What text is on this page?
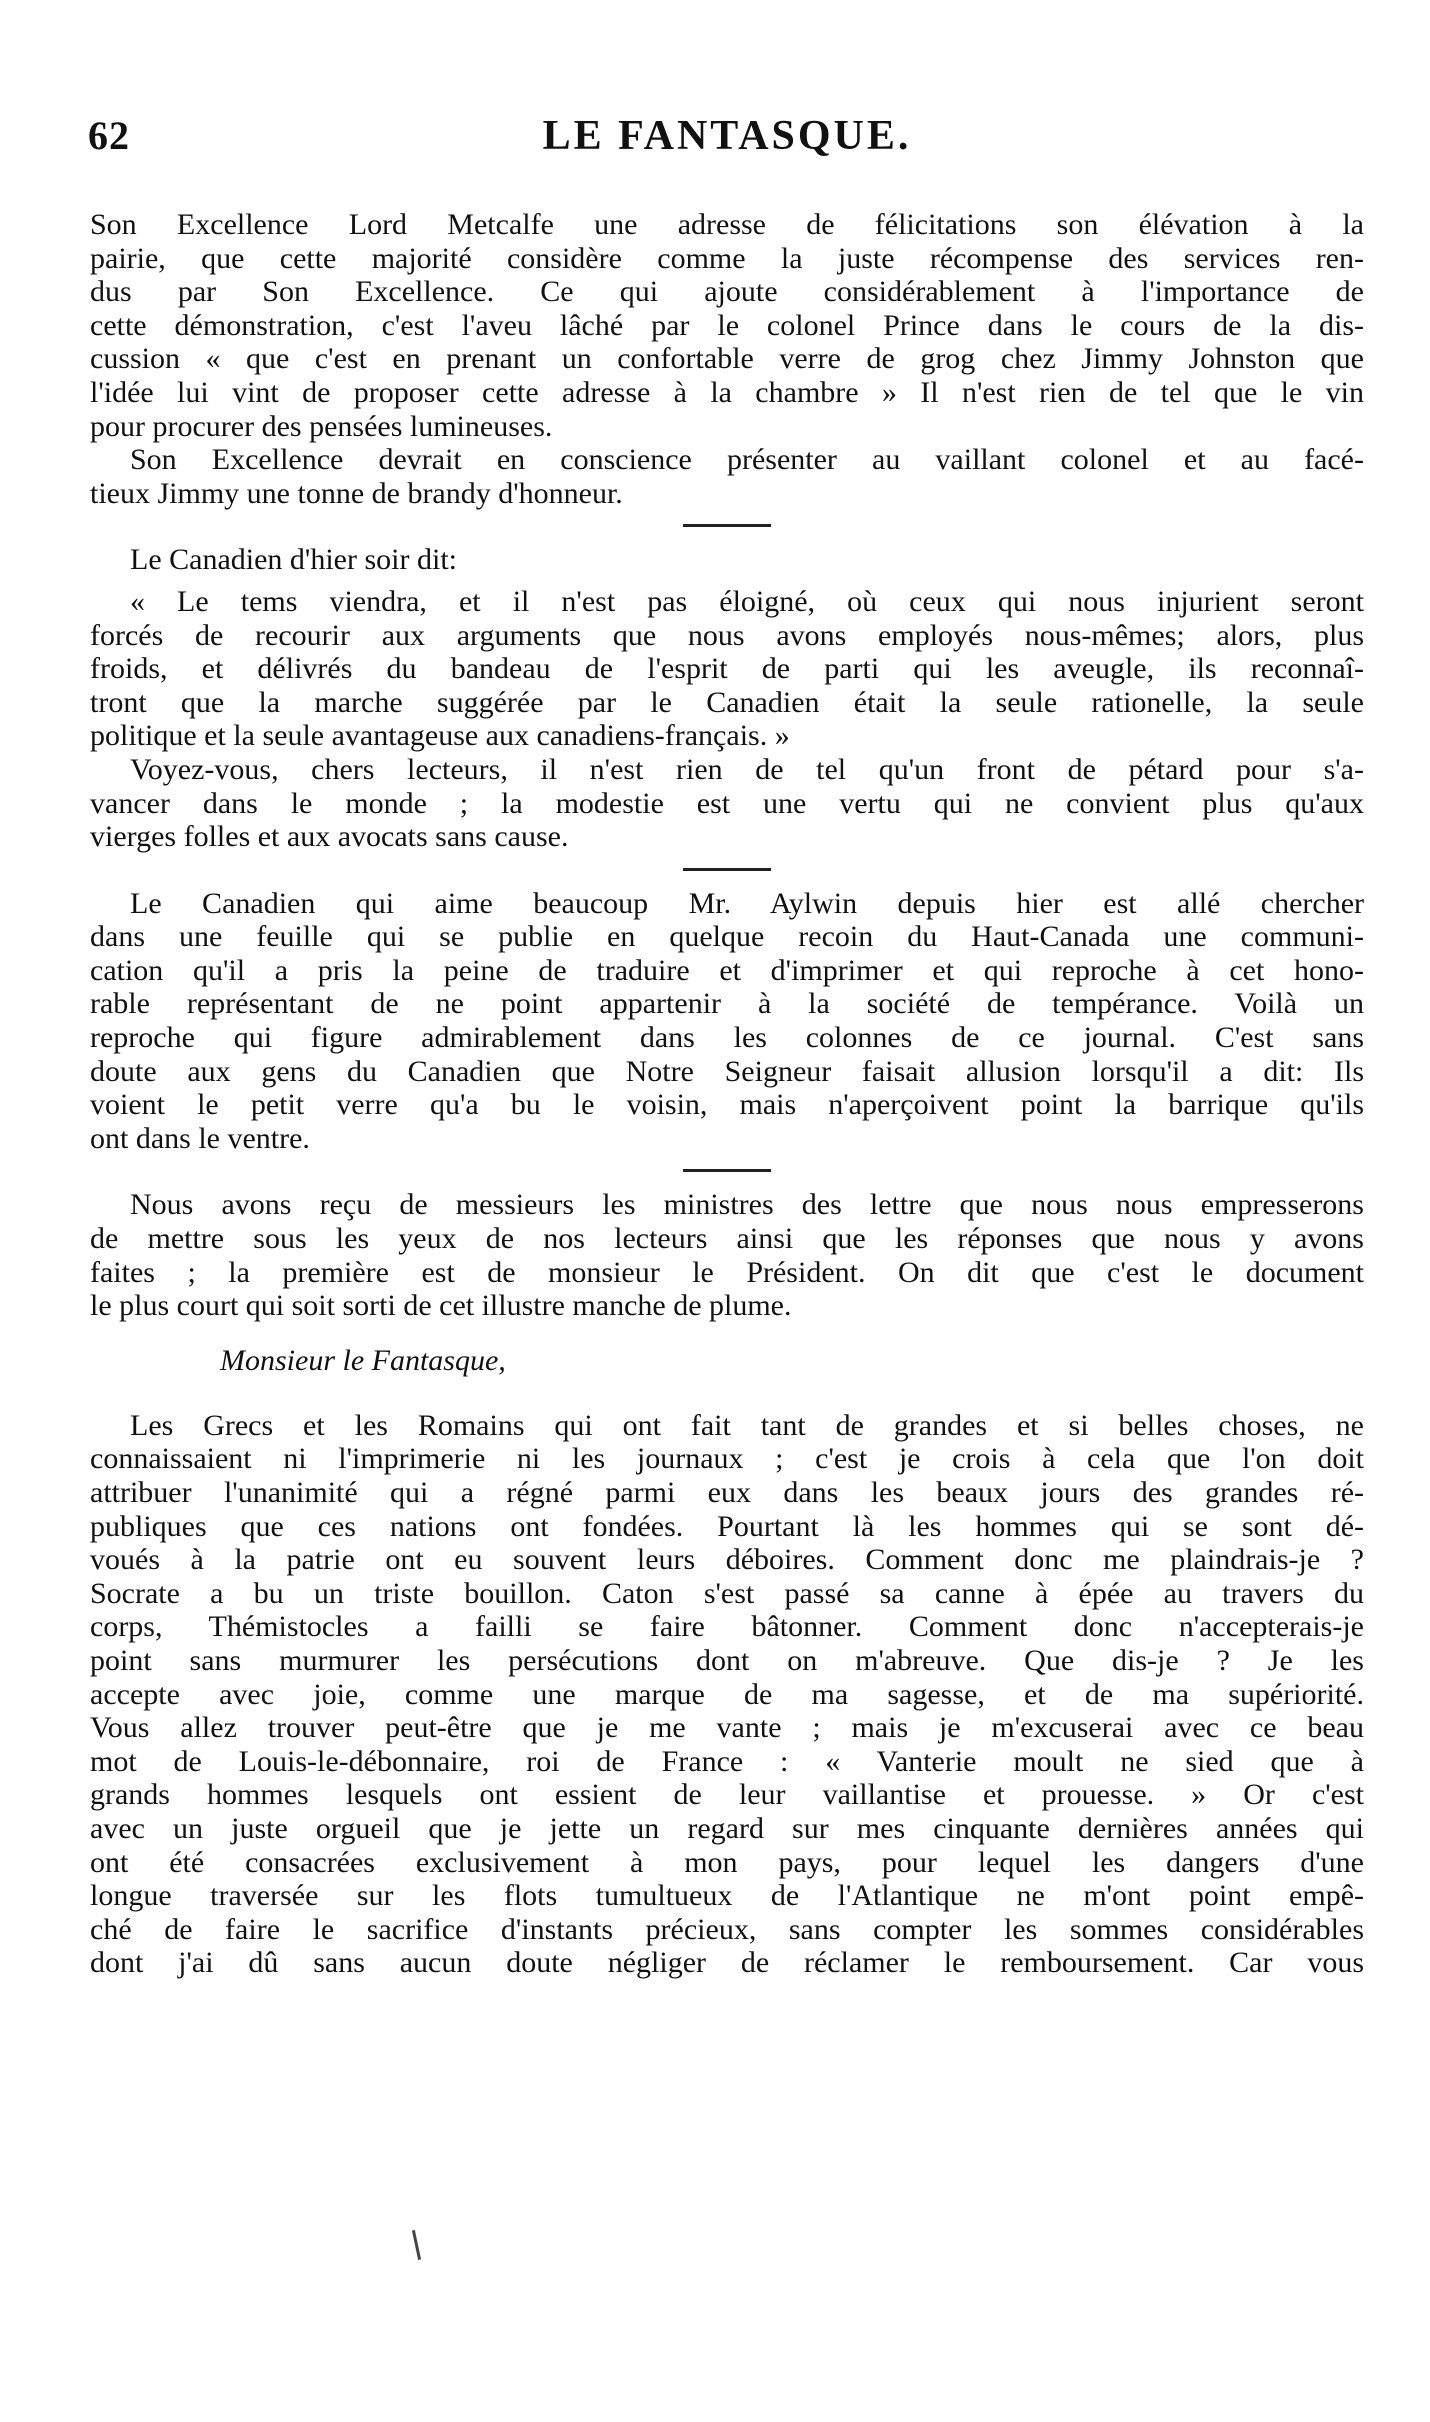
62	LE FANTASQUE.
Son Excellence Lord Metcalfe une adresse de félicitations son élévation à la
pairie, que cette majorité considère comme la juste récompense des services ren-
dus par Son Excellence. Ce qui ajoute considérablement à l'importance de
cette démonstration, c'est l'aveu lâché par le colonel Prince dans le cours de la dis-
cussion « que c'est en prenant un confortable verre de grog chez Jimmy Johnston que
l'idée lui vint de proposer cette adresse à la chambre » Il n'est rien de tel que le vin
pour procurer des pensées lumineuses.
Son Excellence devrait en conscience présenter au vaillant colonel et au facé-
tieux Jimmy une tonne de brandy d'honneur.
Le Canadien d'hier soir dit:
« Le tems viendra, et il n'est pas éloigné, où ceux qui nous injurient seront
forcés de recourir aux arguments que nous avons employés nous-mêmes; alors, plus
froids, et délivrés du bandeau de l'esprit de parti qui les aveugle, ils reconnaî-
tront que la marche suggérée par le Canadien était la seule rationelle, la seule
politique et la seule avantageuse aux canadiens-français. »
Voyez-vous, chers lecteurs, il n'est rien de tel qu'un front de pétard pour s'a-
vancer dans le monde ; la modestie est une vertu qui ne convient plus qu'aux
vierges folles et aux avocats sans cause.
Le Canadien qui aime beaucoup Mr. Aylwin depuis hier est allé chercher
dans une feuille qui se publie en quelque recoin du Haut-Canada une communi-
cation qu'il a pris la peine de traduire et d'imprimer et qui reproche à cet hono-
rable représentant de ne point appartenir à la société de tempérance. Voilà un
reproche qui figure admirablement dans les colonnes de ce journal. C'est sans
doute aux gens du Canadien que Notre Seigneur faisait allusion lorsqu'il a dit: Ils
voient le petit verre qu'a bu le voisin, mais n'aperçoivent point la barrique qu'ils
ont dans le ventre.
Nous avons reçu de messieurs les ministres des lettre que nous nous empresserons
de mettre sous les yeux de nos lecteurs ainsi que les réponses que nous y avons
faites ; la première est de monsieur le Président. On dit que c'est le document
le plus court qui soit sorti de cet illustre manche de plume.
Monsieur le Fantasque,
Les Grecs et les Romains qui ont fait tant de grandes et si belles choses, ne
connaissaient ni l'imprimerie ni les journaux ; c'est je crois à cela que l'on doit
attribuer l'unanimité qui a régné parmi eux dans les beaux jours des grandes ré-
publiques que ces nations ont fondées. Pourtant là les hommes qui se sont dé-
voués à la patrie ont eu souvent leurs déboires. Comment donc me plaindrais-je ?
Socrate a bu un triste bouillon. Caton s'est passé sa canne à épée au travers du
corps, Thémistocles a failli se faire bâtonner. Comment donc n'accepterais-je
point sans murmurer les persécutions dont on m'abreuve. Que dis-je ? Je les
accepte avec joie, comme une marque de ma sagesse, et de ma supériorité.
Vous allez trouver peut-être que je me vante ; mais je m'excuserai avec ce beau
mot de Louis-le-débonnaire, roi de France : « Vanterie moult ne sied que à
grands hommes lesquels ont essient de leur vaillantise et prouesse. » Or c'est
avec un juste orgueil que je jette un regard sur mes cinquante dernières années qui
ont été consacrées exclusivement à mon pays, pour lequel les dangers d'une
longue traversée sur les flots tumultueux de l'Atlantique ne m'ont point empê-
ché de faire le sacrifice d'instants précieux, sans compter les sommes considérables
dont j'ai dû sans aucun doute négliger de réclamer le remboursement. Car vous
